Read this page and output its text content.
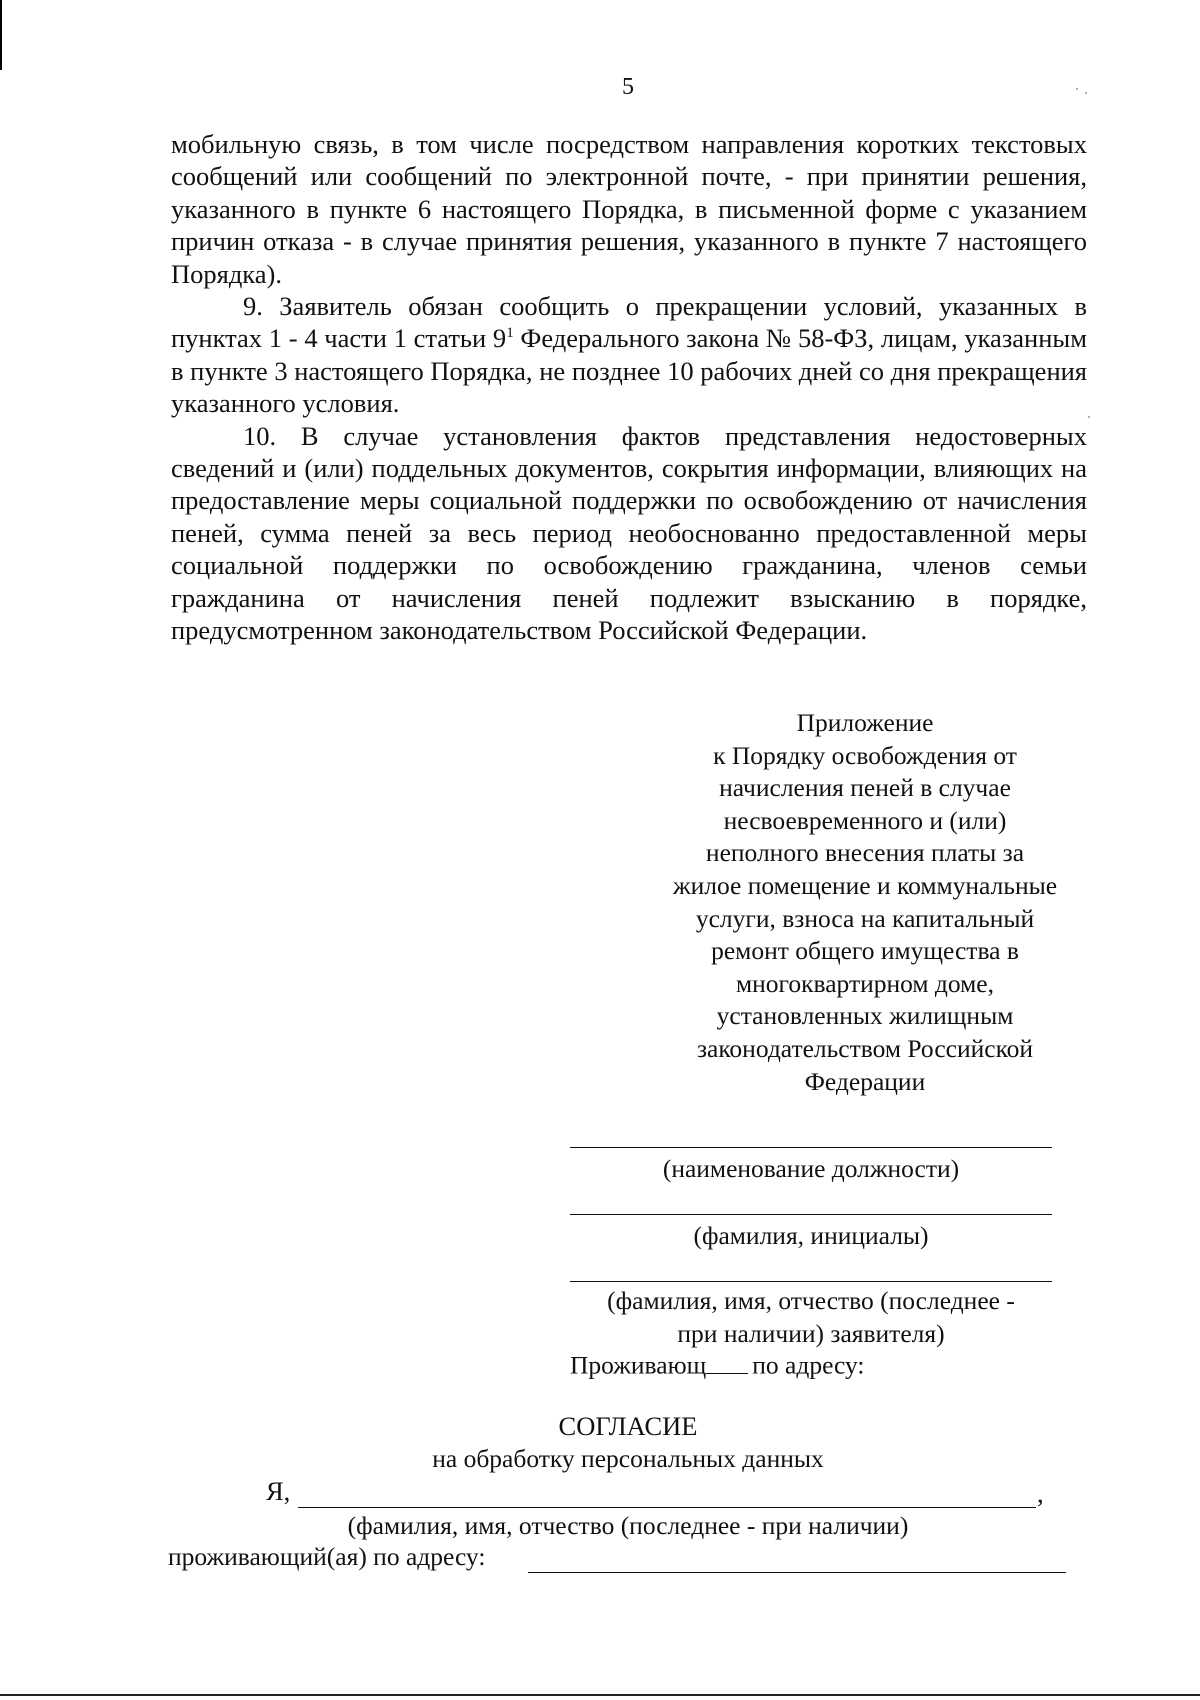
5

мобильную связь, в том числе посредством направления коротких текстовых сообщений или сообщений по электронной почте, - при принятии решения, указанного в пункте 6 настоящего Порядка, в письменной форме с указанием причин отказа - в случае принятия решения, указанного в пункте 7 настоящего Порядка).

9. Заявитель обязан сообщить о прекращении условий, указанных в пунктах 1 - 4 части 1 статьи $9^1$ Федерального закона № 58-ФЗ, лицам, указанным в пункте 3 настоящего Порядка, не позднее 10 рабочих дней со дня прекращения указанного условия.

10. В случае установления фактов представления недостоверных сведений и (или) поддельных документов, сокрытия информации, влияющих на предоставление меры социальной поддержки по освобождению от начисления пеней, сумма пеней за весь период необоснованно предоставленной меры социальной поддержки по освобождению гражданина, членов семьи гражданина от начисления пеней подлежит взысканию в порядке, предусмотренном законодательством Российской Федерации.

Приложение
к Порядку освобождения от
начисления пеней в случае
несвоевременного и (или)
неполного внесения платы за
жилое помещение и коммунальные
услуги, взноса на капитальный
ремонт общего имущества в
многоквартирном доме,
установленных жилищным
законодательством Российской
Федерации
(наименование должности)
(фамилия, инициалы)
(фамилия, имя, отчество (последнее -
при наличии) заявителя)
Проживающ по адресу:
СОГЛАСИЕ
на обработку персональных данных
Я,	,
(фамилия, имя, отчество (последнее - при наличии)
проживающий(ая) по адресу:
